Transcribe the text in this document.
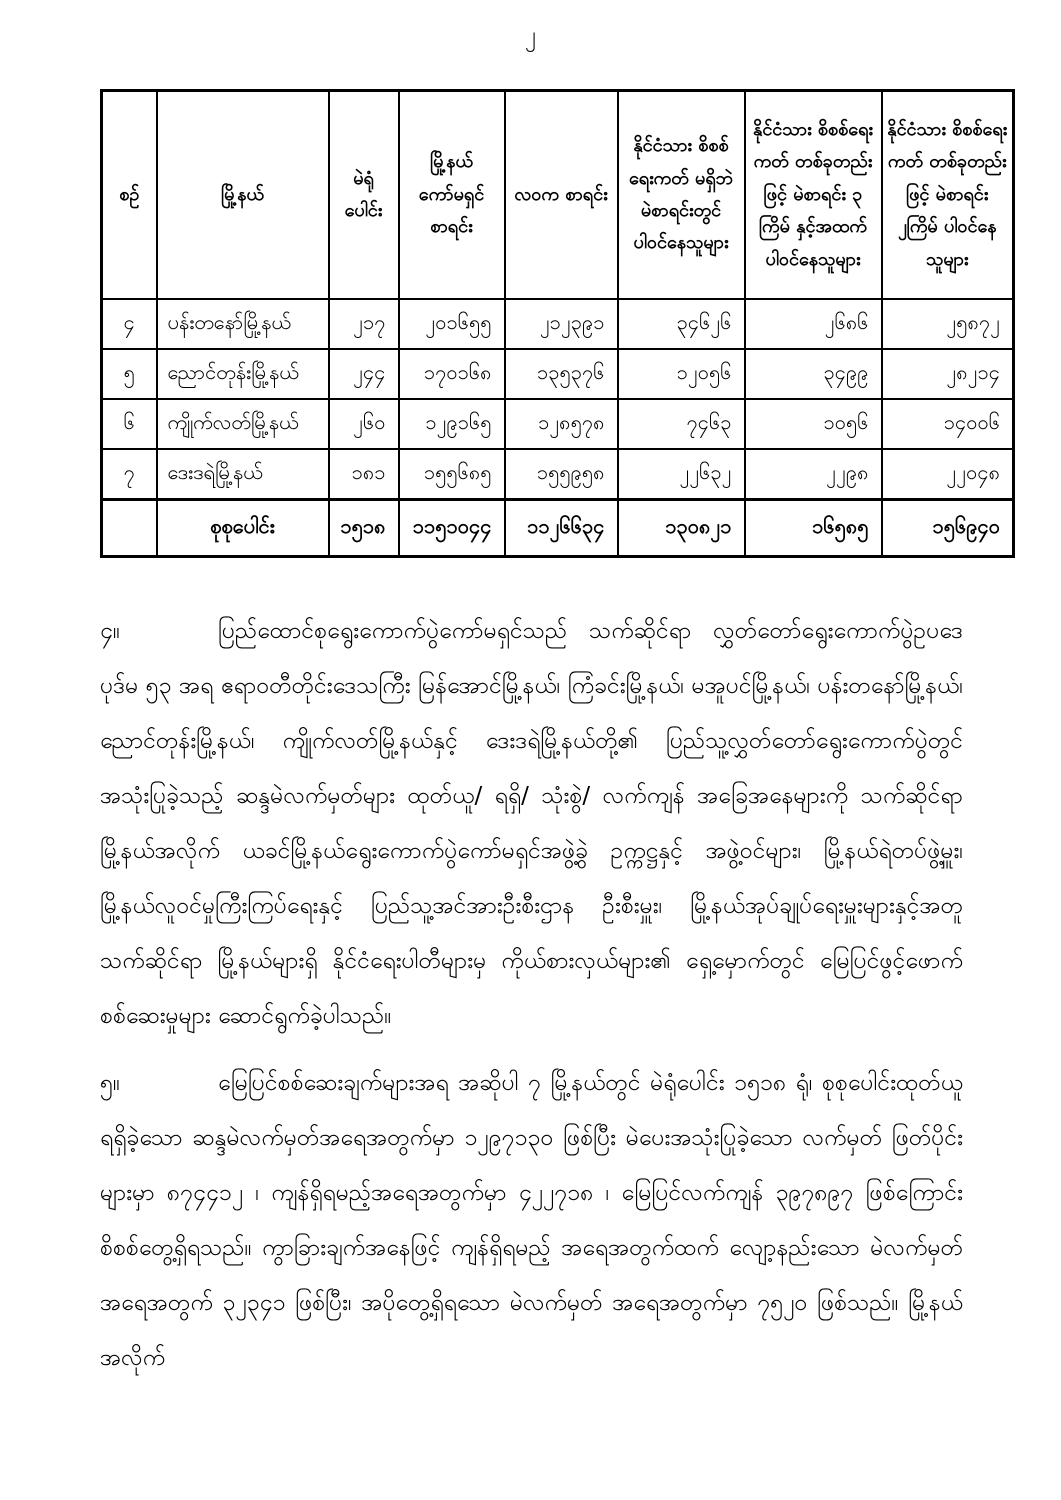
၂
စဉ်	မြို့နယ်	မဲရုံ ပေါင်း	မြို့နယ် ကော်မရှင် စာရင်း	လဝက စာရင်း	နိုင်ငံသား စိစစ်ရေးကတ် မရှိဘဲ မဲစာရင်းတွင် ပါဝင်နေသူများ	နိုင်ငံသား စိစစ်ရေးကတ် တစ်ခုတည်းဖြင့် မဲစာရင်း ၃ ကြိမ် နှင့်အထက် ပါဝင်နေသူများ	နိုင်ငံသား စိစစ်ရေးကတ် တစ်ခုတည်းဖြင့် မဲစာရင်း ၂ကြိမ် ပါဝင်နေသူများ
၄	ပန်းတနော်မြို့နယ်	၂၁၇	၂၀၁၆၅၅	၂၁၂၃၉၁	၃၄၆၂၆	၂၆၈၆	၂၅၈၇၂
၅	ညောင်တုန်းမြို့နယ်	၂၄၄	၁၇၀၁၆၈	၁၃၅၃၇၆	၁၂၀၅၆	၃၄၉၉	၂၈၂၁၄
၆	ကျိုက်လတ်မြို့နယ်	၂၆၀	၁၂၉၁၆၅	၁၂၈၅၇၈	၇၄၆၃	၁၀၅၆	၁၄၀၀၆
၇	ဒေးဒရဲမြို့နယ်	၁၈၁	၁၅၅၆၈၅	၁၅၅၉၅၈	၂၂၆၃၂	၂၂၉၈	၂၂၀၄၈
	စုစုပေါင်း	၁၅၁၈	၁၁၅၁၀၄၄	၁၁၂၆၆၃၄	၁၃၀၈၂၁	၁၆၅၈၅	၁၅၆၉၄၀
၄။	ပြည်ထောင်စုရွေးကောက်ပွဲကော်မရှင်သည် သက်ဆိုင်ရာ လွှတ်တော်ရွေးကောက်ပွဲဥပဒေ ပုဒ်မ ၅၃ အရ ဧရာဝတီတိုင်းဒေသကြီး မြန်အောင်မြို့နယ်၊ ကြံခင်းမြို့နယ်၊ မအူပင်မြို့နယ်၊ ပန်းတနော်မြို့နယ်၊ ညောင်တုန်းမြို့နယ်၊ ကျိုက်လတ်မြို့နယ်နှင့် ဒေးဒရဲမြို့နယ်တို့၏ ပြည်သူ့လွှတ်တော်ရွေးကောက်ပွဲတွင် အသုံးပြုခဲ့သည့် ဆန္ဒမဲလက်မှတ်များ ထုတ်ယူ/ ရရှိ/ သုံးစွဲ/ လက်ကျန် အခြေအနေများကို သက်ဆိုင်ရာ မြို့နယ်အလိုက် ယခင်မြို့နယ်ရွေးကောက်ပွဲကော်မရှင်အဖွဲ့ခွဲ ဥက္ကဋ္ဌနှင့် အဖွဲ့ဝင်များ၊ မြို့နယ်ရဲတပ်ဖွဲ့မှူး၊ မြို့နယ်လူဝင်မှုကြီးကြပ်ရေးနှင့် ပြည်သူ့အင်အားဦးစီးဌာန ဦးစီးမှူး၊ မြို့နယ်အုပ်ချုပ်ရေးမှူးများနှင့်အတူ သက်ဆိုင်ရာ မြို့နယ်များရှိ နိုင်ငံရေးပါတီများမှ ကိုယ်စားလှယ်များ၏ ရှေ့မှောက်တွင် မြေပြင်ဖွင့်ဖောက်စစ်ဆေးမှုများ ဆောင်ရွက်ခဲ့ပါသည်။
၅။	မြေပြင်စစ်ဆေးချက်များအရ အဆိုပါ ၇ မြို့နယ်တွင် မဲရုံပေါင်း ၁၅၁၈ ရုံ၊ စုစုပေါင်းထုတ်ယူ ရရှိခဲ့သော ဆန္ဒမဲလက်မှတ်အရေအတွက်မှာ ၁၂၉၇၁၃၀ ဖြစ်ပြီး မဲပေးအသုံးပြုခဲ့သော လက်မှတ် ဖြတ်ပိုင်းများမှာ ၈၇၄၄၁၂ ၊ ကျန်ရှိရမည့်အရေအတွက်မှာ ၄၂၂၇၁၈ ၊ မြေပြင်လက်ကျန် ၃၉၇၈၉၇ ဖြစ်ကြောင်း စိစစ်တွေ့ရှိရသည်။ ကွာခြားချက်အနေဖြင့် ကျန်ရှိရမည့် အရေအတွက်ထက် လျော့နည်းသော မဲလက်မှတ်အရေအတွက် ၃၂၃၄၁ ဖြစ်ပြီး၊ အပိုတွေ့ရှိရသော မဲလက်မှတ် အရေအတွက်မှာ ၇၅၂၀ ဖြစ်သည်။ မြို့နယ်အလိုက်
